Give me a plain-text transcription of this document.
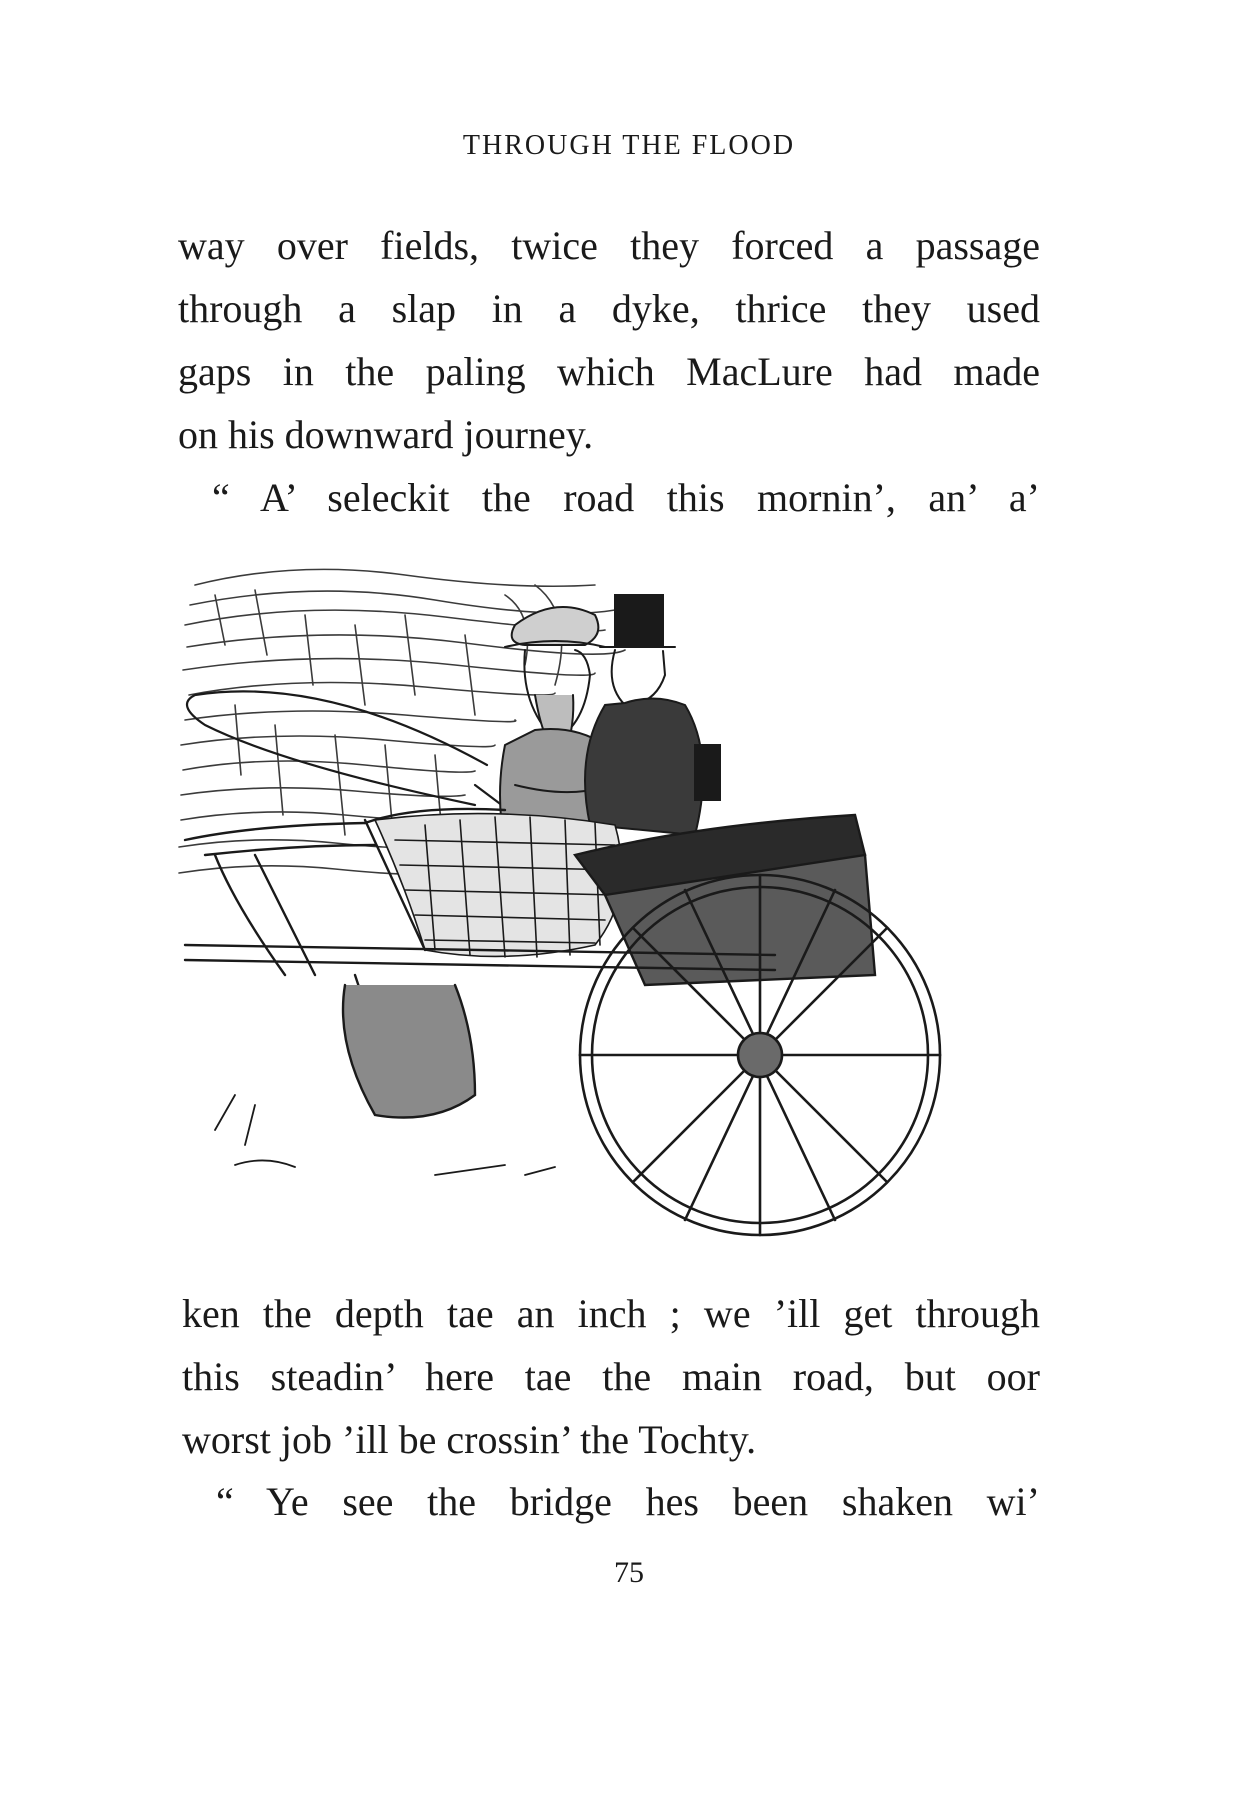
THROUGH THE FLOOD

way over fields, twice they forced a passage
through a slap in a dyke, thrice they used
gaps in the paling which MacLure had made
on his downward journey.

“ A’ seleckit the road this mornin’, an’ a’

ken the depth tae an inch ; we ’ill get through
this steadin’ here tae the main road, but oor
worst job ’ill be crossin’ the Tochty.

“ Ye see the bridge hes been shaken wi’

75
